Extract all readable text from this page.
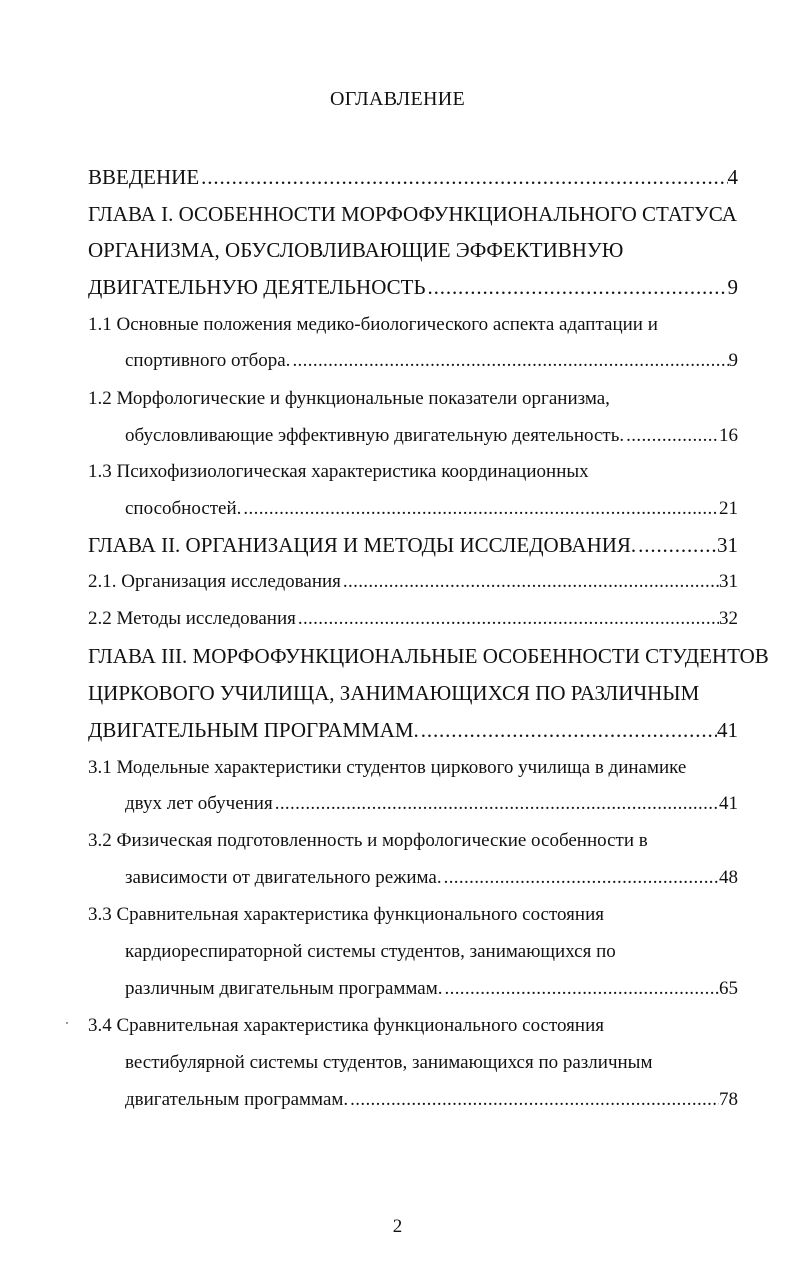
ОГЛАВЛЕНИЕ
ВВЕДЕНИЕ . . .	4
ГЛАВА I. ОСОБЕННОСТИ МОРФОФУНКЦИОНАЛЬНОГО СТАТУСА
ОРГАНИЗМА, ОБУСЛОВЛИВАЮЩИЕ ЭФФЕКТИВНУЮ
ДВИГАТЕЛЬНУЮ ДЕЯТЕЛЬНОСТЬ . . .	9
1.1 Основные положения медико-биологического аспекта адаптации и
спортивного отбора. . . .	9
1.2 Морфологические и функциональные показатели организма,
обусловливающие эффективную двигательную деятельность. . . .	16
1.3 Психофизиологическая характеристика координационных
способностей. . . .	21
ГЛАВА II. ОРГАНИЗАЦИЯ И МЕТОДЫ ИССЛЕДОВАНИЯ. . . .	31
2.1. Организация исследования . . .	31
2.2 Методы исследования . . .	32
ГЛАВА III. МОРФОФУНКЦИОНАЛЬНЫЕ ОСОБЕННОСТИ СТУДЕНТОВ
ЦИРКОВОГО УЧИЛИЩА, ЗАНИМАЮЩИХСЯ ПО РАЗЛИЧНЫМ
ДВИГАТЕЛЬНЫМ ПРОГРАММАМ. . . .	41
3.1 Модельные характеристики студентов циркового училища в динамике
двух лет обучения . . .	41
3.2 Физическая подготовленность и морфологические особенности в
зависимости от двигательного режима. . . .	48
3.3 Сравнительная характеристика функционального состояния
кардиореспираторной системы студентов, занимающихся по
различным двигательным программам. . . .	65
3.4 Сравнительная характеристика функционального состояния
вестибулярной системы студентов, занимающихся по различным
двигательным программам. . . .	78
2
